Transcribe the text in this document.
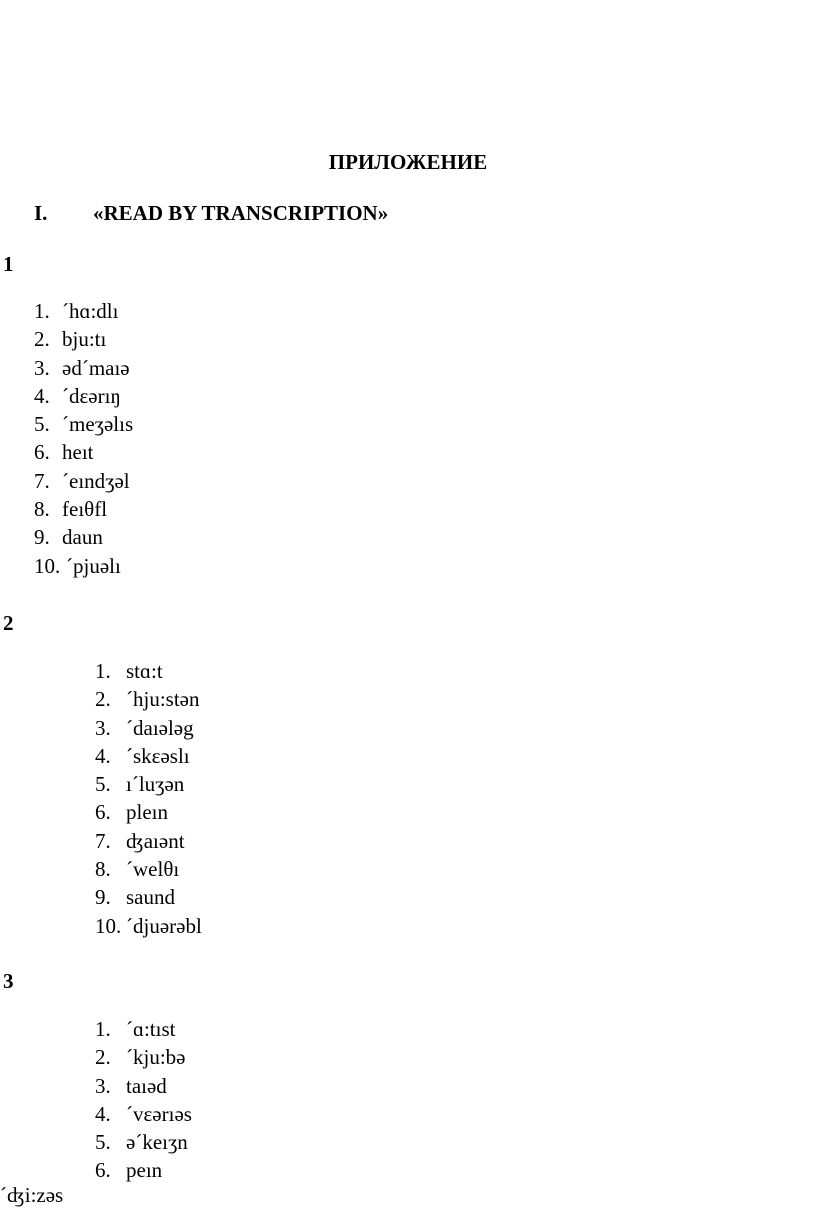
ПРИЛОЖЕНИЕ
I. «READ BY TRANSCRIPTION»
1
1. ´hɑ:dlı
2. bju:tı
3. əd´maıə
4. ´dɛərıŋ
5. ´meʒəlıs
6. heıt
7. ´eındʒəl
8. feıθfl
9. daun
10. ´pjuəlı
2
1. stɑ:t
2. ´hju:stən
3. ´daıələg
4. ´skɛəslı
5. ı´luʒən
6. pleın
7. ʤaıənt
8. ´welθı
9. saund
10. ´djuərəbl
3
1. ´ɑ:tıst
2. ´kju:bə
3. taıəd
4. ´vɛərıəs
5. ə´keıʒn
6. peın
´ʤi:zəs
